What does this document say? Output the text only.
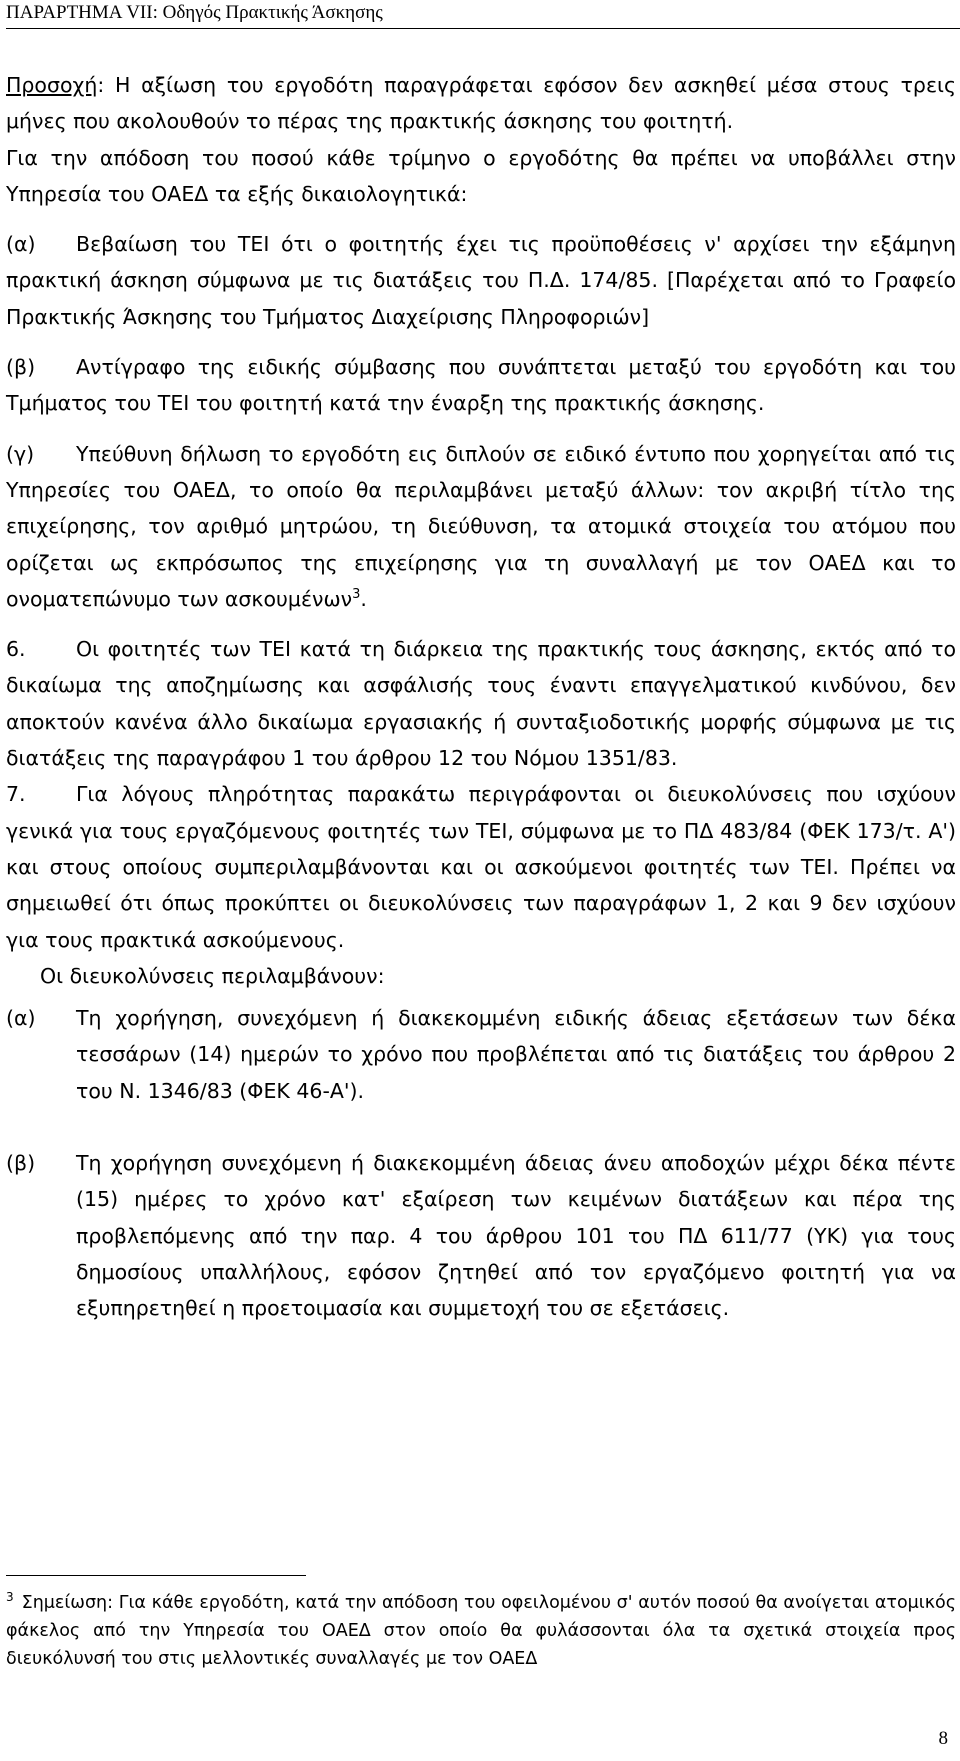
ΠΑΡΑΡΤΗΜΑ VII: Οδηγός Πρακτικής Άσκησης

Προσοχή: Η αξίωση του εργοδότη παραγράφεται εφόσον δεν ασκηθεί μέσα στους τρεις μήνες που ακολουθούν το πέρας της πρακτικής άσκησης του φοιτητή.

Για την απόδοση του ποσού κάθε τρίμηνο ο εργοδότης θα πρέπει να υποβάλλει στην Υπηρεσία του ΟΑΕΔ τα εξής δικαιολογητικά:

(α) Βεβαίωση του ΤΕΙ ότι ο φοιτητής έχει τις προϋποθέσεις ν' αρχίσει την εξάμηνη πρακτική άσκηση σύμφωνα με τις διατάξεις του Π.Δ. 174/85. [Παρέχεται από το Γραφείο Πρακτικής Άσκησης του Τμήματος Διαχείρισης Πληροφοριών]

(β) Αντίγραφο της ειδικής σύμβασης που συνάπτεται μεταξύ του εργοδότη και του Τμήματος του ΤΕΙ του φοιτητή κατά την έναρξη της πρακτικής άσκησης.

(γ) Υπεύθυνη δήλωση το εργοδότη εις διπλούν σε ειδικό έντυπο που χορηγείται από τις Υπηρεσίες του ΟΑΕΔ, το οποίο θα περιλαμβάνει μεταξύ άλλων: τον ακριβή τίτλο της επιχείρησης, τον αριθμό μητρώου, τη διεύθυνση, τα ατομικά στοιχεία του ατόμου που ορίζεται ως εκπρόσωπος της επιχείρησης για τη συναλλαγή με τον ΟΑΕΔ και το ονοματεπώνυμο των ασκουμένων$^3$.

6. Οι φοιτητές των ΤΕΙ κατά τη διάρκεια της πρακτικής τους άσκησης, εκτός από το δικαίωμα της αποζημίωσης και ασφάλισής τους έναντι επαγγελματικού κινδύνου, δεν αποκτούν κανένα άλλο δικαίωμα εργασιακής ή συνταξιοδοτικής μορφής σύμφωνα με τις διατάξεις της παραγράφου 1 του άρθρου 12 του Νόμου 1351/83.

7. Για λόγους πληρότητας παρακάτω περιγράφονται οι διευκολύνσεις που ισχύουν γενικά για τους εργαζόμενους φοιτητές των ΤΕΙ, σύμφωνα με το ΠΔ 483/84 (ΦΕΚ 173/τ. Α') και στους οποίους συμπεριλαμβάνονται και οι ασκούμενοι φοιτητές των ΤΕΙ. Πρέπει να σημειωθεί ότι όπως προκύπτει οι διευκολύνσεις των παραγράφων 1, 2 και 9 δεν ισχύουν για τους πρακτικά ασκούμενους.

Οι διευκολύνσεις περιλαμβάνουν:

(α)	Τη χορήγηση, συνεχόμενη ή διακεκομμένη ειδικής άδειας εξετάσεων των δέκα τεσσάρων (14) ημερών το χρόνο που προβλέπεται από τις διατάξεις του άρθρου 2 του Ν. 1346/83 (ΦΕΚ 46-Α').
(β)	Τη χορήγηση συνεχόμενη ή διακεκομμένη άδειας άνευ αποδοχών μέχρι δέκα πέντε (15) ημέρες το χρόνο κατ' εξαίρεση των κειμένων διατάξεων και πέρα της προβλεπόμενης από την παρ. 4 του άρθρου 101 του ΠΔ 611/77 (ΥΚ) για τους δημοσίους υπαλλήλους, εφόσον ζητηθεί από τον εργαζόμενο φοιτητή για να εξυπηρετηθεί η προετοιμασία και συμμετοχή του σε εξετάσεις.

$^3$ Σημείωση: Για κάθε εργοδότη, κατά την απόδοση του οφειλομένου σ' αυτόν ποσού θα ανοίγεται ατομικός φάκελος από την Υπηρεσία του ΟΑΕΔ στον οποίο θα φυλάσσονται όλα τα σχετικά στοιχεία προς διευκόλυνσή του στις μελλοντικές συναλλαγές με τον ΟΑΕΔ

8
